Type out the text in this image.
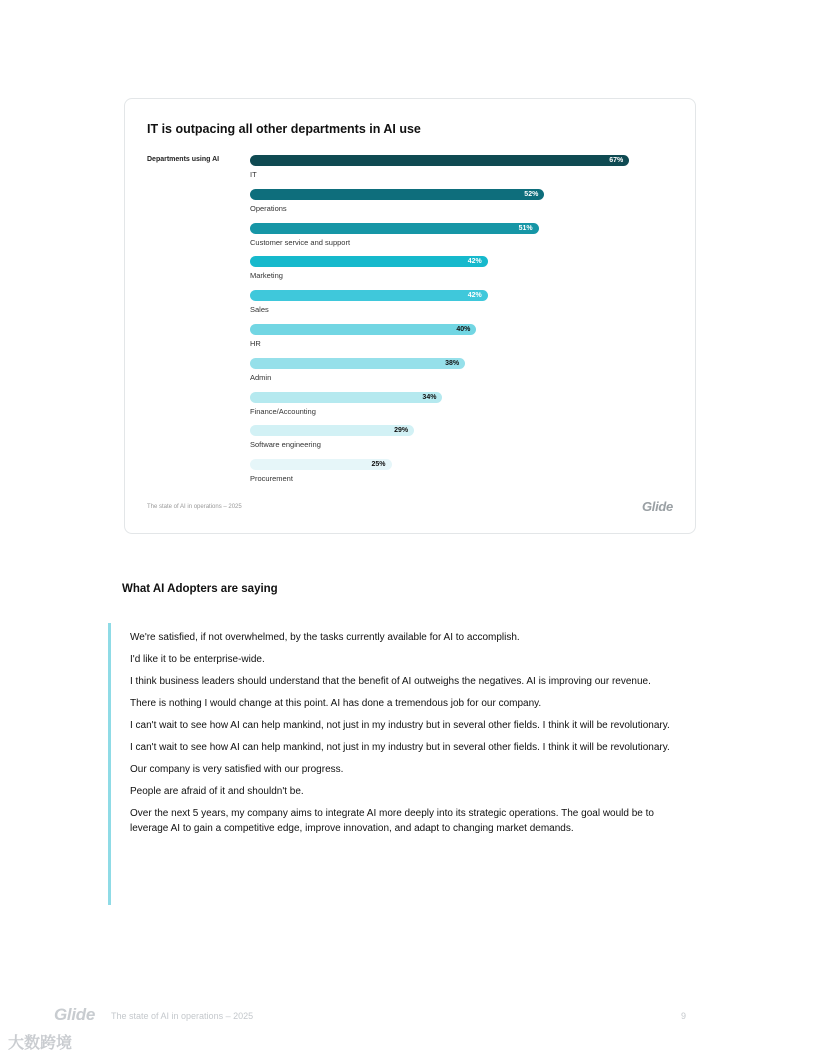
IT is outpacing all other departments in AI use
Departments using AI	67%
IT
52%
Operations
51%
Customer service and support
42%
Marketing
42%
Sales
40%
HR
38%
Admin
34%
Finance/Accounting
29%
Software engineering
25%
Procurement
The state of AI in operations – 2025	Glide
What AI Adopters are saying

We're satisfied, if not overwhelmed, by the tasks currently available for AI to accomplish.

I'd like it to be enterprise-wide.

I think business leaders should understand that the benefit of AI outweighs the negatives. AI is improving our revenue.

There is nothing I would change at this point. AI has done a tremendous job for our company.

I can't wait to see how AI can help mankind, not just in my industry but in several other fields. I think it will be revolutionary.

I can't wait to see how AI can help mankind, not just in my industry but in several other fields. I think it will be revolutionary.

Our company is very satisfied with our progress.

People are afraid of it and shouldn't be.

Over the next 5 years, my company aims to integrate AI more deeply into its strategic operations. The goal would be to leverage AI to gain a competitive edge, improve innovation, and adapt to changing market demands.

Glide The state of AI in operations – 2025	9
大数跨境
